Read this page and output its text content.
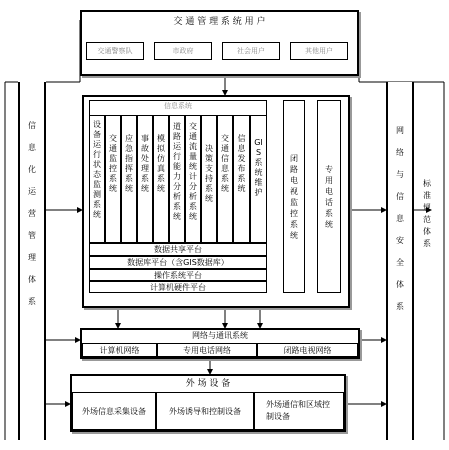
交 通 管 理 系 统 用 户
交通警察队	市政府	社会用户	其他用户
信息化运营管理体系
网络与信息安全体系
标准规范体系
信息系统
设备运行状态监测系统
交通监控系统
应急指挥系统
事故处理系统
模拟仿真系统
道路运行能力分析系统
交通流量统计分析系统
决策支持系统
交通信息系统
信息发布系统
GIS系统维护
数据共享平台
数据库平台（含GIS数据库）
操作系统平台
计算机硬件平台
闭路电视监控系统
专用电话系统
网络与通讯系统
计算机网络	专用电话网络	闭路电视网络
外 场 设 备
外场信息采集设备	外场诱导和控制设备
外场通信和区域控制设备
